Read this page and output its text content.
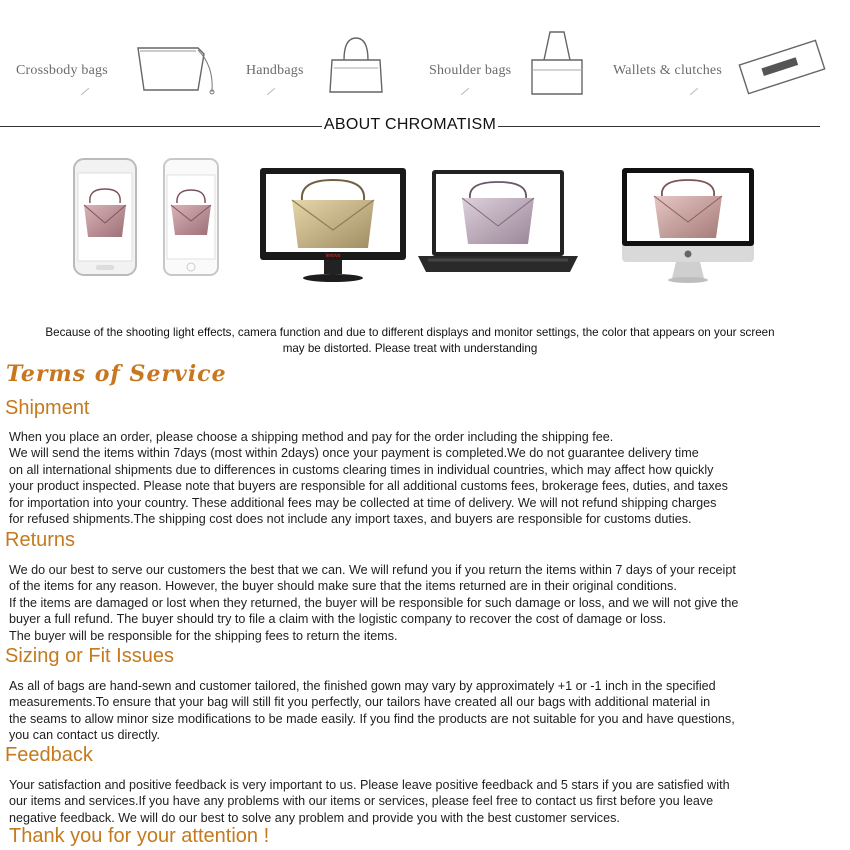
Crossbody bags	Handbags	Shoulder bags	Wallets & clutches
ABOUT CHROMATISM
lenovo
Because of the shooting light effects, camera function and due to different displays and monitor settings, the color that appears on your screen
may be distorted. Please treat with understanding
Terms of Service
Shipment
When you place an order, please choose a shipping method and pay for the order including the shipping fee.
We will send the items within 7days (most within 2days) once your payment is completed.We do not guarantee delivery time
on all international shipments due to differences in customs clearing times in individual countries, which may affect how quickly
your product inspected. Please note that buyers are responsible for all additional customs fees, brokerage fees, duties, and taxes
for importation into your country. These additional fees may be collected at time of delivery. We will not refund shipping charges
for refused shipments.The shipping cost does not include any import taxes, and buyers are responsible for customs duties.
Returns
We do our best to serve our customers the best that we can. We will refund you if you return the items within 7 days of your receipt
of the items for any reason. However, the buyer should make sure that the items returned are in their original conditions.
If the items are damaged or lost when they returned, the buyer will be responsible for such damage or loss, and we will not give the
buyer a full refund. The buyer should try to file a claim with the logistic company to recover the cost of damage or loss.
The buyer will be responsible for the shipping fees to return the items.
Sizing or Fit Issues
As all of bags are hand-sewn and customer tailored, the finished gown may vary by approximately +1 or -1 inch in the specified
measurements.To ensure that your bag will still fit you perfectly, our tailors have created all our bags with additional material in
the seams to allow minor size modifications to be made easily. If you find the products are not suitable for you and have questions,
you can contact us directly.
Feedback
Your satisfaction and positive feedback is very important to us. Please leave positive feedback and 5 stars if you are satisfied with
our items and services.If you have any problems with our items or services, please feel free to contact us first before you leave
negative feedback. We will do our best to solve any problem and provide you with the best customer services.
Thank you for your attention !
